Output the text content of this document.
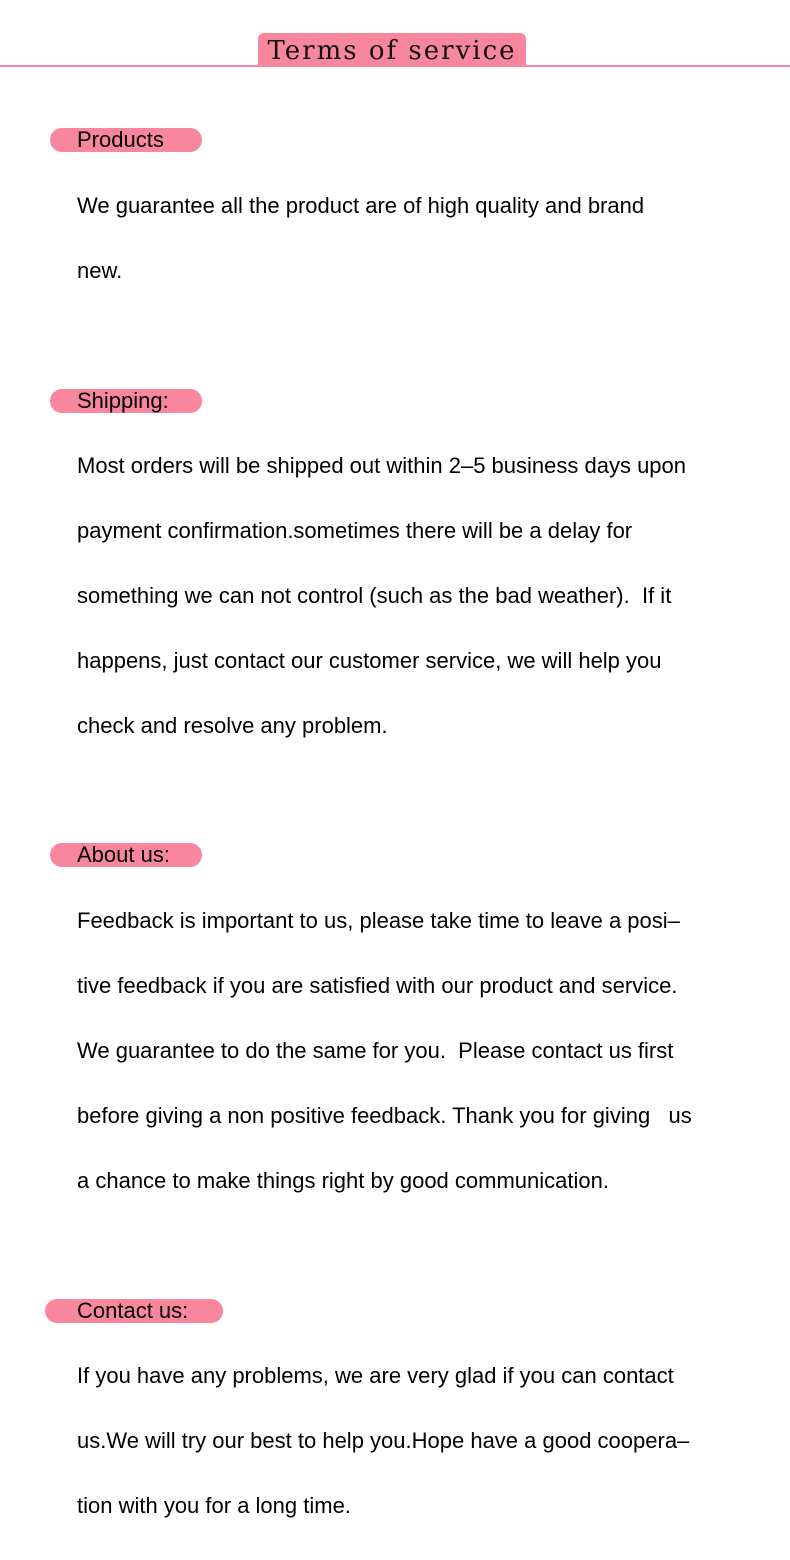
Terms of service
Products
We guarantee all the product are of high quality and brand
new.
Shipping:
Most orders will be shipped out within 2–5 business days upon
payment confirmation.sometimes there will be a delay for
something we can not control (such as the bad weather).  If it
happens, just contact our customer service, we will help you
check and resolve any problem.
About us:
Feedback is important to us, please take time to leave a posi–
tive feedback if you are satisfied with our product and service.
We guarantee to do the same for you.  Please contact us first
before giving a non positive feedback. Thank you for giving   us
a chance to make things right by good communication.
Contact us:
If you have any problems, we are very glad if you can contact
us.We will try our best to help you.Hope have a good coopera–
tion with you for a long time.
